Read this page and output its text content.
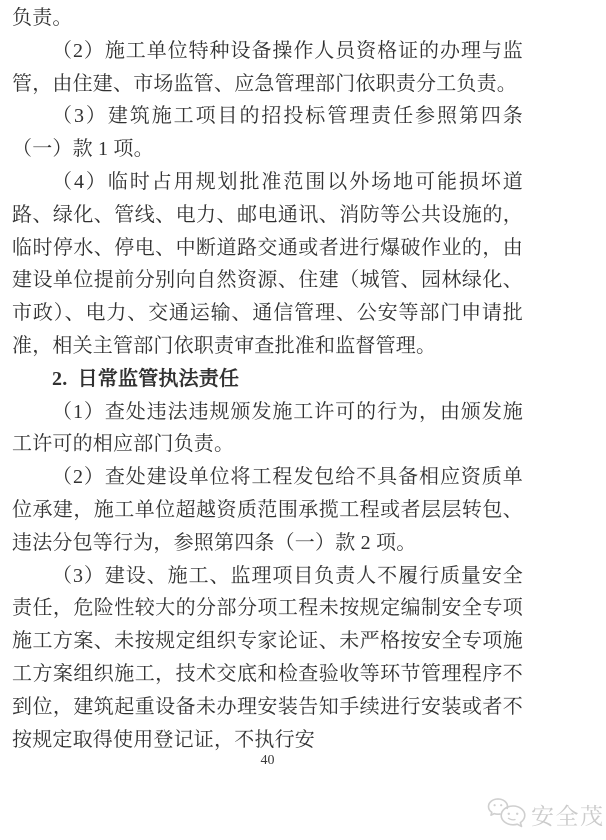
负责。

（2）施工单位特种设备操作人员资格证的办理与监管，由住建、市场监管、应急管理部门依职责分工负责。

（3）建筑施工项目的招投标管理责任参照第四条（一）款 1 项。

（4）临时占用规划批准范围以外场地可能损坏道路、绿化、管线、电力、邮电通讯、消防等公共设施的，临时停水、停电、中断道路交通或者进行爆破作业的，由建设单位提前分别向自然资源、住建（城管、园林绿化、市政）、电力、交通运输、通信管理、公安等部门申请批准，相关主管部门依职责审查批准和监督管理。

2. 日常监管执法责任

（1）查处违法违规颁发施工许可的行为，由颁发施工许可的相应部门负责。

（2）查处建设单位将工程发包给不具备相应资质单位承建，施工单位超越资质范围承揽工程或者层层转包、违法分包等行为，参照第四条（一）款 2 项。

（3）建设、施工、监理项目负责人不履行质量安全责任，危险性较大的分部分项工程未按规定编制安全专项施工方案、未按规定组织专家论证、未严格按安全专项施工方案组织施工，技术交底和检查验收等环节管理程序不到位，建筑起重设备未办理安装告知手续进行安装或者不按规定取得使用登记证，不执行安

40
安全茂
